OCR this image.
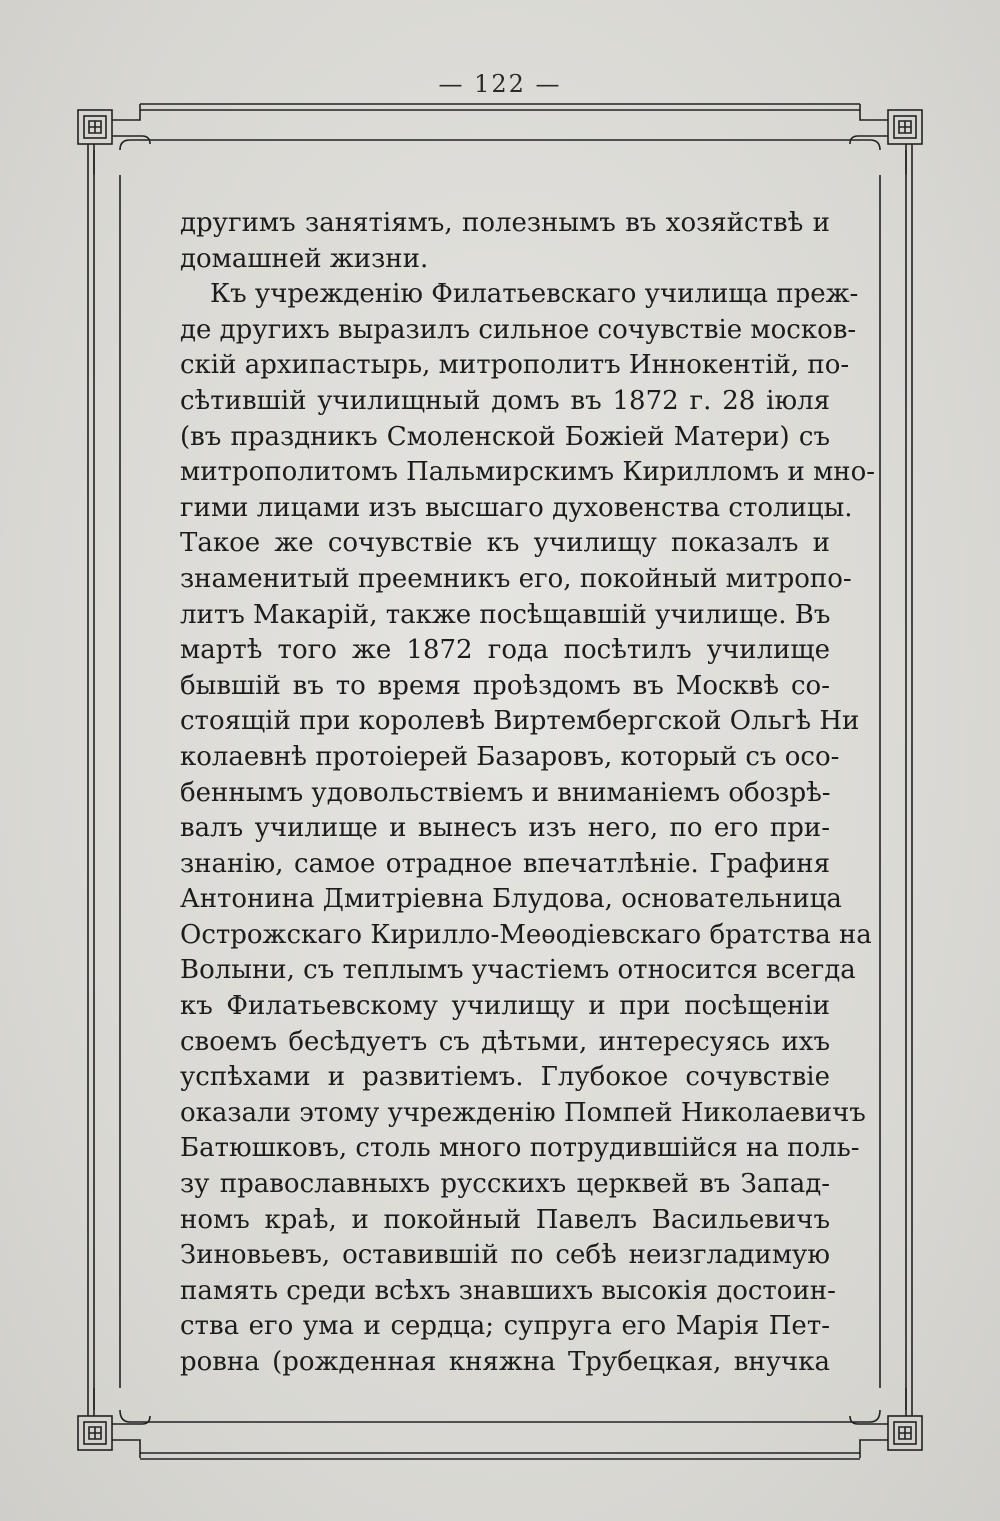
— 122 —
другимъ занятіямъ, полезнымъ въ хозяйствѣ и
домашней жизни.
Къ учрежденію Филатьевскаго училища преж-
де другихъ выразилъ сильное сочувствіе москов-
скій архипастырь, митрополитъ Иннокентій, по-
сѣтившій училищный домъ въ 1872 г. 28 іюля
(въ праздникъ Смоленской Божіей Матери) съ
митрополитомъ Пальмирскимъ Кирилломъ и мно-
гими лицами изъ высшаго духовенства столицы.
Такое же сочувствіе къ училищу показалъ и
знаменитый преемникъ его, покойный митропо-
литъ Макарій, также посѣщавшій училище. Въ
мартѣ того же 1872 года посѣтилъ училище
бывшій въ то время проѣздомъ въ Москвѣ со-
стоящій при королевѣ Виртембергской Ольгѣ Ни
колаевнѣ протоіерей Базаровъ, который съ осо-
беннымъ удовольствіемъ и вниманіемъ обозрѣ-
валъ училище и вынесъ изъ него, по его при-
знанію, самое отрадное впечатлѣніе. Графиня
Антонина Дмитріевна Блудова, основательница
Острожскаго Кирилло-Меѳодіевскаго братства на
Волыни, съ теплымъ участіемъ относится всегда
къ Филатьевскому училищу и при посѣщеніи
своемъ бесѣдуетъ съ дѣтьми, интересуясь ихъ
успѣхами и развитіемъ. Глубокое сочувствіе
оказали этому учрежденію Помпей Николаевичъ
Батюшковъ, столь много потрудившійся на поль-
зу православныхъ русскихъ церквей въ Запад-
номъ краѣ, и покойный Павелъ Васильевичъ
Зиновьевъ, оставившій по себѣ неизгладимую
память среди всѣхъ знавшихъ высокія достоин-
ства его ума и сердца; супруга его Марія Пет-
ровна (рожденная княжна Трубецкая, внучка
